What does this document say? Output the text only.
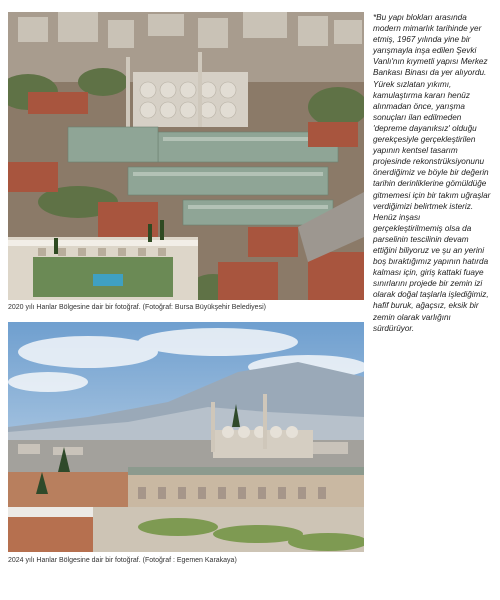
2020 yılı Hanlar Bölgesine dair bir fotoğraf. (Fotoğraf: Bursa Büyükşehir Belediyesi)
2024 yılı Hanlar Bölgesine dair bir fotoğraf. (Fotoğraf : Egemen Karakaya)
*Bu yapı blokları arasında modern mimarlık tarihinde yer etmiş, 1967 yılında yine bir yarışmayla inşa edilen Şevki Vanlı'nın kıymetli yapısı Merkez Bankası Binası da yer alıyordu. Yürek sızlatan yıkımı, kamulaştırma kararı henüz alınmadan önce, yarışma sonuçları ilan edilmeden 'depreme dayanıksız' olduğu gerekçesiyle gerçekleştirilen yapının kentsel tasarım projesinde rekonstrüksiyonunu önerdiğimiz ve böyle bir değerin tarihin derinliklerine gömüldüğe gitmemesi için bir takım uğraşlar verdiğimizi belirtmek isteriz. Henüz inşası gerçekleştirilmemiş olsa da parselinin tescilinin devam ettiğini biliyoruz ve şu an yerini boş bıraktığımız yapının hatırda kalması için, giriş kattaki fuaye sınırlarını projede bir zemin izi olarak doğal taşlarla işlediğimiz, hafif buruk, ağaçsız, eksik bir zemin olarak varlığını sürdürüyor.
